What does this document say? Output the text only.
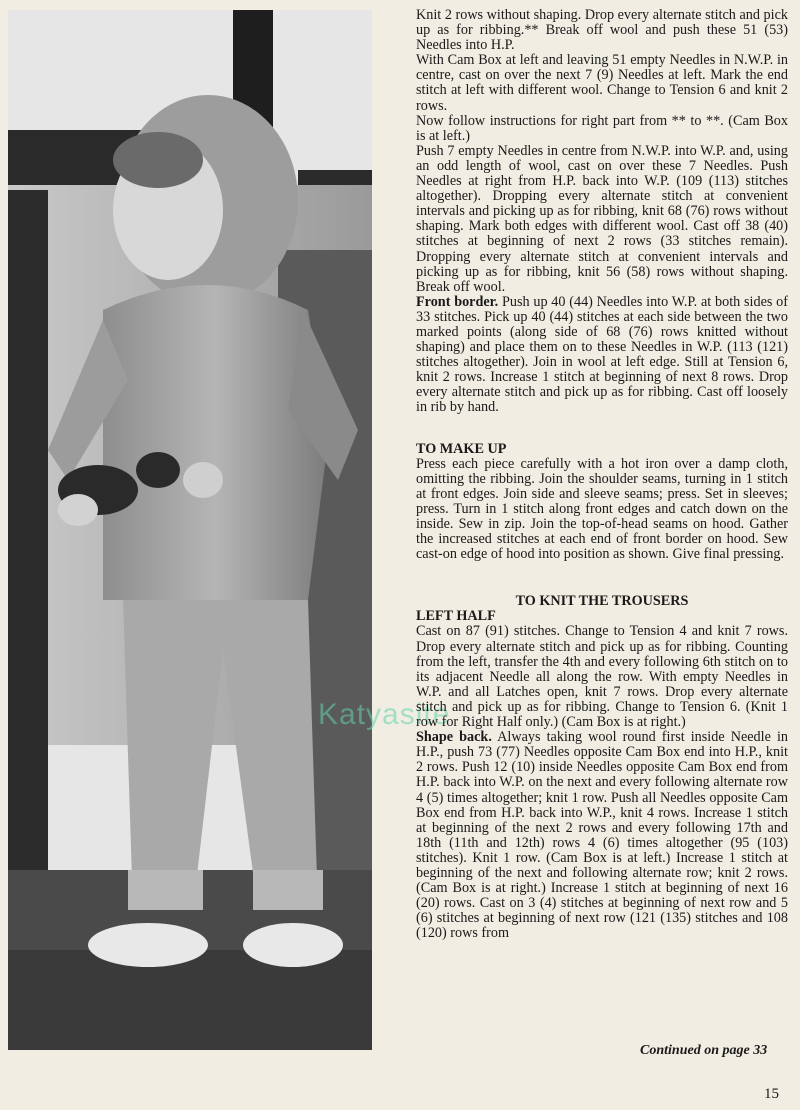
Katyasite

Knit 2 rows without shaping. Drop every alternate stitch and pick up as for ribbing.** Break off wool and push these 51 (53) Needles into H.P.

With Cam Box at left and leaving 51 empty Needles in N.W.P. in centre, cast on over the next 7 (9) Needles at left. Mark the end stitch at left with different wool. Change to Tension 6 and knit 2 rows.

Now follow instructions for right part from ** to **. (Cam Box is at left.)

Push 7 empty Needles in centre from N.W.P. into W.P. and, using an odd length of wool, cast on over these 7 Needles. Push Needles at right from H.P. back into W.P. (109 (113) stitches altogether). Dropping every alternate stitch at convenient intervals and picking up as for ribbing, knit 68 (76) rows without shaping. Mark both edges with different wool. Cast off 38 (40) stitches at beginning of next 2 rows (33 stitches remain). Dropping every alternate stitch at convenient intervals and picking up as for ribbing, knit 56 (58) rows without shaping. Break off wool.

Front border. Push up 40 (44) Needles into W.P. at both sides of 33 stitches. Pick up 40 (44) stitches at each side between the two marked points (along side of 68 (76) rows knitted without shaping) and place them on to these Needles in W.P. (113 (121) stitches altogether). Join in wool at left edge. Still at Tension 6, knit 2 rows. Increase 1 stitch at beginning of next 8 rows. Drop every alternate stitch and pick up as for ribbing. Cast off loosely in rib by hand.

TO MAKE UP

Press each piece carefully with a hot iron over a damp cloth, omitting the ribbing. Join the shoulder seams, turning in 1 stitch at front edges. Join side and sleeve seams; press. Set in sleeves; press. Turn in 1 stitch along front edges and catch down on the inside. Sew in zip. Join the top-of-head seams on hood. Gather the increased stitches at each end of front border on hood. Sew cast-on edge of hood into position as shown. Give final pressing.

TO KNIT THE TROUSERS

LEFT HALF

Cast on 87 (91) stitches. Change to Tension 4 and knit 7 rows. Drop every alternate stitch and pick up as for ribbing. Counting from the left, transfer the 4th and every following 6th stitch on to its adjacent Needle all along the row. With empty Needles in W.P. and all Latches open, knit 7 rows. Drop every alternate stitch and pick up as for ribbing. Change to Tension 6. (Knit 1 row for Right Half only.) (Cam Box is at right.)

Shape back. Always taking wool round first inside Needle in H.P., push 73 (77) Needles opposite Cam Box end into H.P., knit 2 rows. Push 12 (10) inside Needles opposite Cam Box end from H.P. back into W.P. on the next and every following alternate row 4 (5) times altogether; knit 1 row. Push all Needles opposite Cam Box end from H.P. back into W.P., knit 4 rows. Increase 1 stitch at beginning of the next 2 rows and every following 17th and 18th (11th and 12th) rows 4 (6) times altogether (95 (103) stitches). Knit 1 row. (Cam Box is at left.) Increase 1 stitch at beginning of the next and following alternate row; knit 2 rows. (Cam Box is at right.) Increase 1 stitch at beginning of next 16 (20) rows. Cast on 3 (4) stitches at beginning of next row and 5 (6) stitches at beginning of next row (121 (135) stitches and 108 (120) rows from

Continued on page 33
15
